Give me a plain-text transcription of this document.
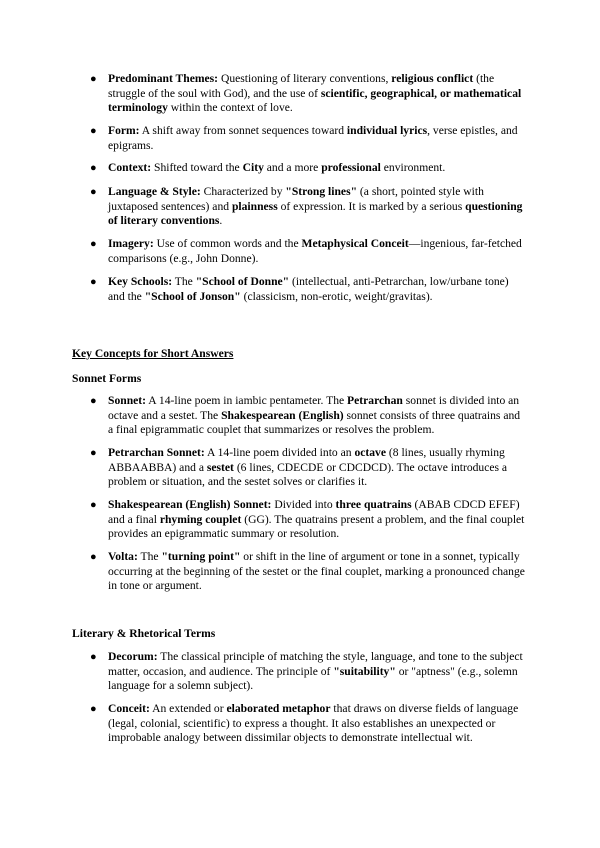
● Predominant Themes: Questioning of literary conventions, religious conflict (the struggle of the soul with God), and the use of scientific, geographical, or mathematical terminology within the context of love.
● Form: A shift away from sonnet sequences toward individual lyrics, verse epistles, and epigrams.
● Context: Shifted toward the City and a more professional environment.
● Language & Style: Characterized by "Strong lines" (a short, pointed style with juxtaposed sentences) and plainness of expression. It is marked by a serious questioning of literary conventions.
● Imagery: Use of common words and the Metaphysical Conceit—ingenious, far-fetched comparisons (e.g., John Donne).
● Key Schools: The "School of Donne" (intellectual, anti-Petrarchan, low/urbane tone) and the "School of Jonson" (classicism, non-erotic, weight/gravitas).
Key Concepts for Short Answers
Sonnet Forms
● Sonnet: A 14-line poem in iambic pentameter. The Petrarchan sonnet is divided into an octave and a sestet. The Shakespearean (English) sonnet consists of three quatrains and a final epigrammatic couplet that summarizes or resolves the problem.
● Petrarchan Sonnet: A 14-line poem divided into an octave (8 lines, usually rhyming ABBAABBA) and a sestet (6 lines, CDECDE or CDCDCD). The octave introduces a problem or situation, and the sestet solves or clarifies it.
● Shakespearean (English) Sonnet: Divided into three quatrains (ABAB CDCD EFEF) and a final rhyming couplet (GG). The quatrains present a problem, and the final couplet provides an epigrammatic summary or resolution.
● Volta: The "turning point" or shift in the line of argument or tone in a sonnet, typically occurring at the beginning of the sestet or the final couplet, marking a pronounced change in tone or argument.
Literary & Rhetorical Terms
● Decorum: The classical principle of matching the style, language, and tone to the subject matter, occasion, and audience. The principle of "suitability" or "aptness" (e.g., solemn language for a solemn subject).
● Conceit: An extended or elaborated metaphor that draws on diverse fields of language (legal, colonial, scientific) to express a thought. It also establishes an unexpected or improbable analogy between dissimilar objects to demonstrate intellectual wit.
